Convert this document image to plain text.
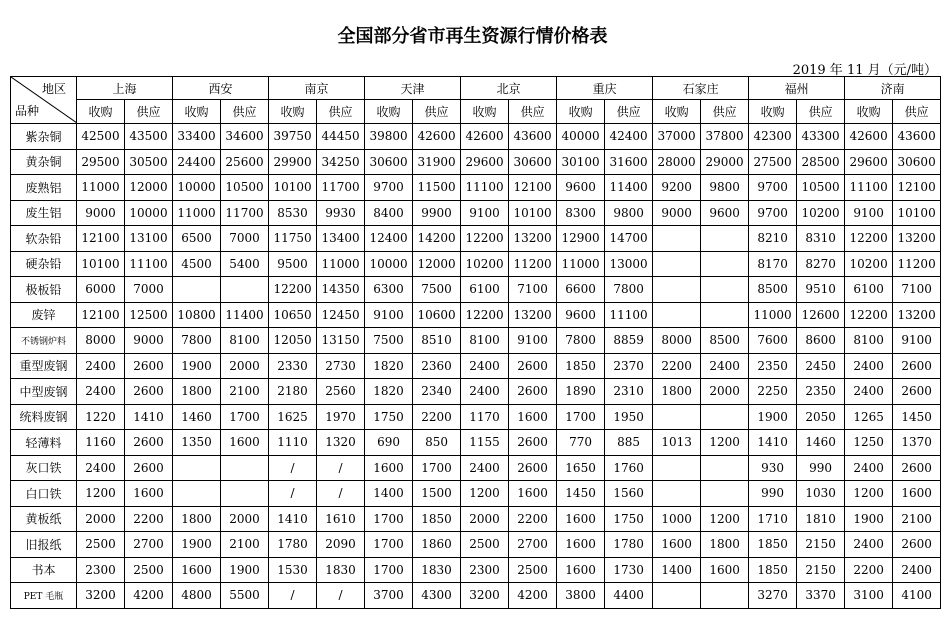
全国部分省市再生资源行情价格表
2019 年 11 月（元/吨）
地区
品种	上海		西安		南京		天津		北京		重庆		石家庄		福州		济南	
	收购	供应	收购	供应	收购	供应	收购	供应	收购	供应	收购	供应	收购	供应	收购	供应	收购	供应
紫杂铜	42500	43500	33400	34600	39750	44450	39800	42600	42600	43600	40000	42400	37000	37800	42300	43300	42600	43600
黄杂铜	29500	30500	24400	25600	29900	34250	30600	31900	29600	30600	30100	31600	28000	29000	27500	28500	29600	30600
废熟铝	11000	12000	10000	10500	10100	11700	9700	11500	11100	12100	9600	11400	9200	9800	9700	10500	11100	12100
废生铝	9000	10000	11000	11700	8530	9930	8400	9900	9100	10100	8300	9800	9000	9600	9700	10200	9100	10100
软杂铅	12100	13100	6500	7000	11750	13400	12400	14200	12200	13200	12900	14700			8210	8310	12200	13200
硬杂铅	10100	11100	4500	5400	9500	11000	10000	12000	10200	11200	11000	13000			8170	8270	10200	11200
极板铅	6000	7000			12200	14350	6300	7500	6100	7100	6600	7800			8500	9510	6100	7100
废锌	12100	12500	10800	11400	10650	12450	9100	10600	12200	13200	9600	11100			11000	12600	12200	13200
不锈钢炉料	8000	9000	7800	8100	12050	13150	7500	8510	8100	9100	7800	8859	8000	8500	7600	8600	8100	9100
重型废钢	2400	2600	1900	2000	2330	2730	1820	2360	2400	2600	1850	2370	2200	2400	2350	2450	2400	2600
中型废钢	2400	2600	1800	2100	2180	2560	1820	2340	2400	2600	1890	2310	1800	2000	2250	2350	2400	2600
统料废钢	1220	1410	1460	1700	1625	1970	1750	2200	1170	1600	1700	1950			1900	2050	1265	1450
轻薄料	1160	2600	1350	1600	1110	1320	690	850	1155	2600	770	885	1013	1200	1410	1460	1250	1370
灰口铁	2400	2600			/	/	1600	1700	2400	2600	1650	1760			930	990	2400	2600
白口铁	1200	1600			/	/	1400	1500	1200	1600	1450	1560			990	1030	1200	1600
黄板纸	2000	2200	1800	2000	1410	1610	1700	1850	2000	2200	1600	1750	1000	1200	1710	1810	1900	2100
旧报纸	2500	2700	1900	2100	1780	2090	1700	1860	2500	2700	1600	1780	1600	1800	1850	2150	2400	2600
书本	2300	2500	1600	1900	1530	1830	1700	1830	2300	2500	1600	1730	1400	1600	1850	2150	2200	2400
PET 毛瓶	3200	4200	4800	5500	/	/	3700	4300	3200	4200	3800	4400			3270	3370	3100	4100
